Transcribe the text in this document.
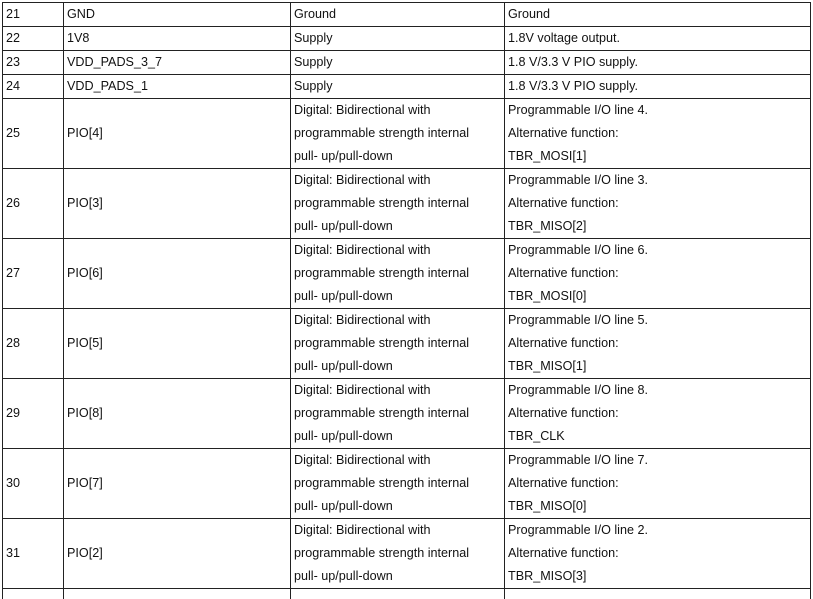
21	GND	Ground	Ground

22	1V8	Supply	1.8V voltage output.

23	VDD_PADS_3_7	Supply	1.8 V/3.3 V PIO supply.

24	VDD_PADS_1	Supply	1.8 V/3.3 V PIO supply.

25	PIO[4]	Digital: Bidirectional with
programmable strength internal
pull- up/pull-down	Programmable I/O line 4.
Alternative function:
TBR_MOSI[1]

26	PIO[3]	Digital: Bidirectional with
programmable strength internal
pull- up/pull-down	Programmable I/O line 3.
Alternative function:
TBR_MISO[2]

27	PIO[6]	Digital: Bidirectional with
programmable strength internal
pull- up/pull-down	Programmable I/O line 6.
Alternative function:
TBR_MOSI[0]

28	PIO[5]	Digital: Bidirectional with
programmable strength internal
pull- up/pull-down	Programmable I/O line 5.
Alternative function:
TBR_MISO[1]

29	PIO[8]	Digital: Bidirectional with
programmable strength internal
pull- up/pull-down	Programmable I/O line 8.
Alternative function:
TBR_CLK

30	PIO[7]	Digital: Bidirectional with
programmable strength internal
pull- up/pull-down	Programmable I/O line 7.
Alternative function:
TBR_MISO[0]

31	PIO[2]	Digital: Bidirectional with
programmable strength internal
pull- up/pull-down	Programmable I/O line 2.
Alternative function:
TBR_MISO[3]
